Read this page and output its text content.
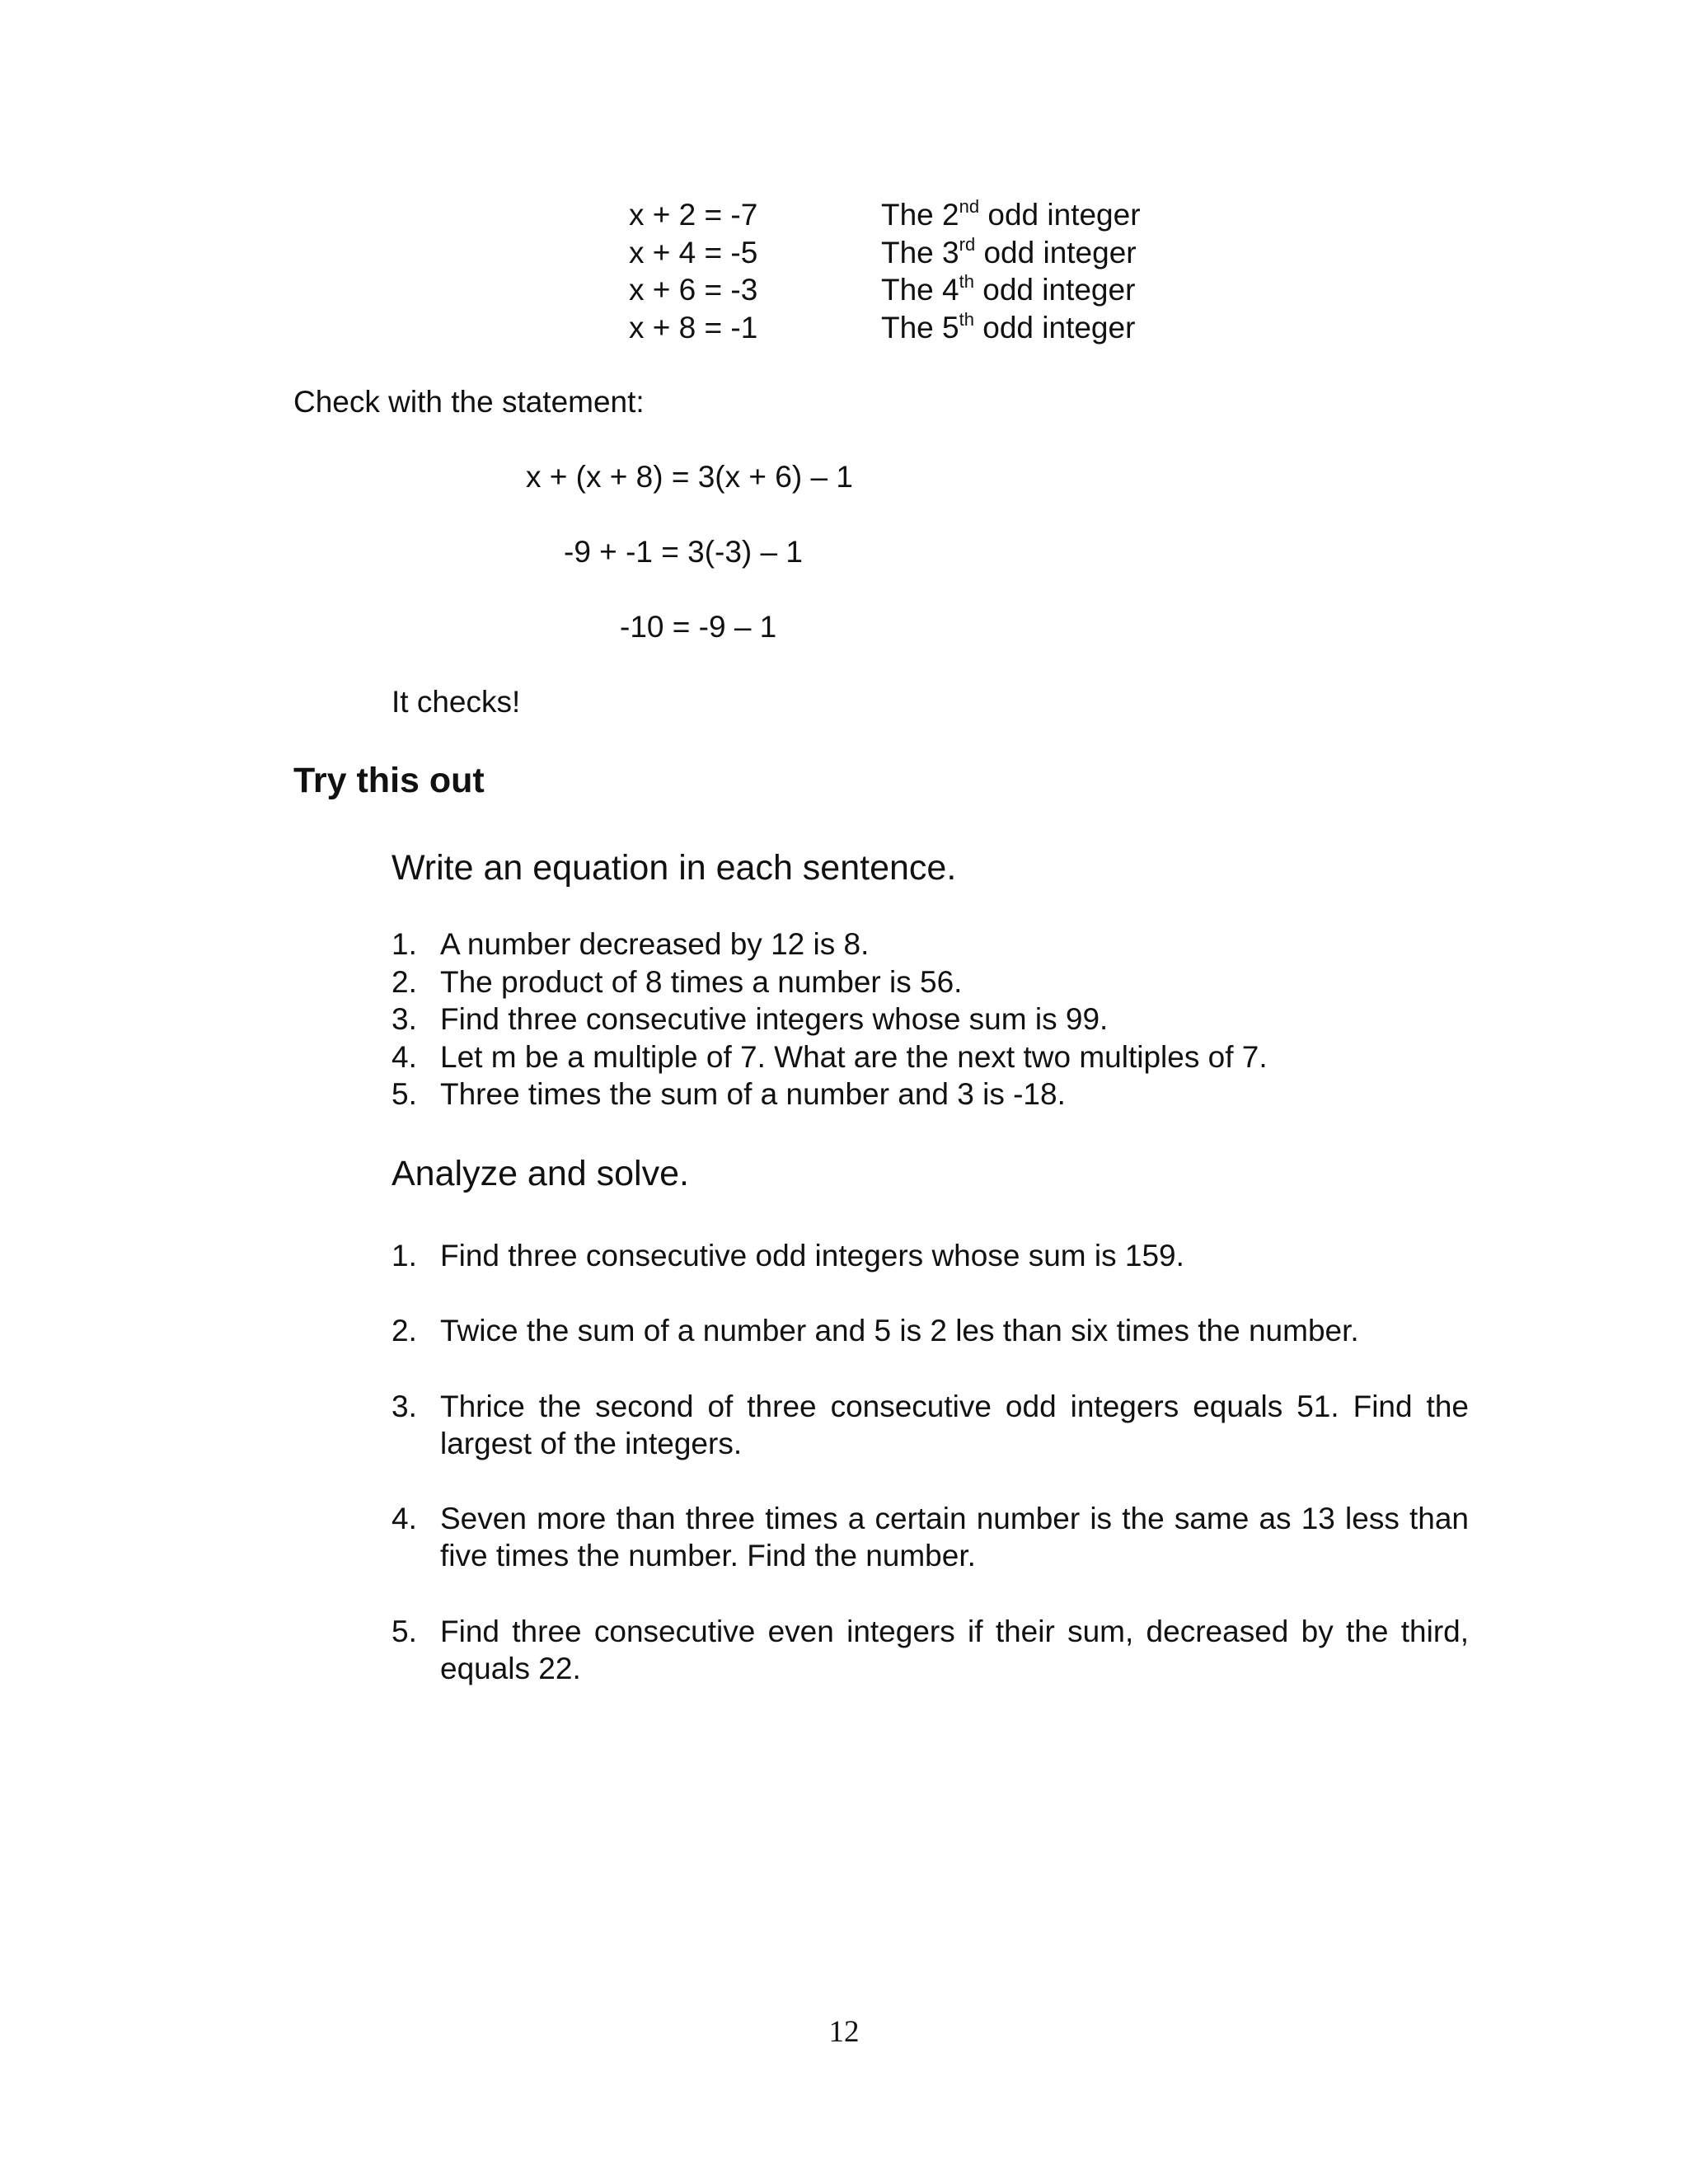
x + 2 = -7	The 2nd odd integer
x + 4 = -5	The 3rd odd integer
x + 6 = -3	The 4th odd integer
x + 8 = -1	The 5th odd integer
Check with the statement:
x + (x + 8) = 3(x + 6) – 1
-9 + -1 = 3(-3) – 1
-10 = -9 – 1
It checks!
Try this out
Write an equation in each sentence.
1. A number decreased by 12 is 8.
2. The product of 8 times a number is 56.
3. Find three consecutive integers whose sum is 99.
4. Let m be a multiple of 7. What are the next two multiples of 7.
5. Three times the sum of a number and 3 is -18.
Analyze and solve.
1. Find three consecutive odd integers whose sum is 159.
2. Twice the sum of a number and 5 is 2 les than six times the number.
3. Thrice the second of three consecutive odd integers equals 51. Find the largest of the integers.
4. Seven more than three times a certain number is the same as 13 less than five times the number. Find the number.
5. Find three consecutive even integers if their sum, decreased by the third, equals 22.
12
